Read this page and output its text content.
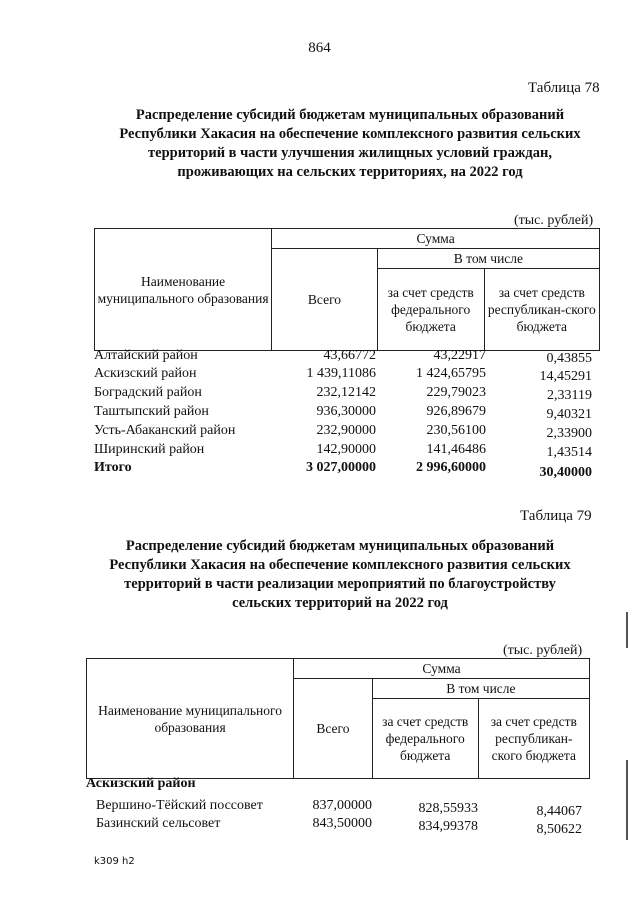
864
Таблица 78
Распределение субсидий бюджетам муниципальных образований
Республики Хакасия на обеспечение комплексного развития сельских
территорий в части улучшения жилищных условий граждан,
проживающих на сельских территориях, на 2022 год
(тыс. рублей)
Наименование муниципального образования	Сумма		
	Всего	В том числе	
		за счет средств федерального бюджета	за счет средств республикан-ского бюджета
Алтайский район	43,66772	43,22917	0,43855
Аскизский район	1 439,11086	1 424,65795	14,45291
Боградский район	232,12142	229,79023	2,33119
Таштыпский район	936,30000	926,89679	9,40321
Усть-Абаканский район	232,90000	230,56100	2,33900
Ширинский район	142,90000	141,46486	1,43514
Итого	3 027,00000	2 996,60000	30,40000
Таблица 79
Распределение субсидий бюджетам муниципальных образований
Республики Хакасия на обеспечение комплексного развития сельских
территорий в части реализации мероприятий по благоустройству
сельских территорий на 2022 год
(тыс. рублей)
Наименование муниципального образования	Сумма		
	Всего	В том числе	
		за счет средств федерального бюджета	за счет средств республикан-ского бюджета
Аскизский район
Вершино-Тёйский поссовет	837,00000	828,55933	8,44067
Базинский сельсовет	843,50000	834,99378	8,50622
k309 h2
